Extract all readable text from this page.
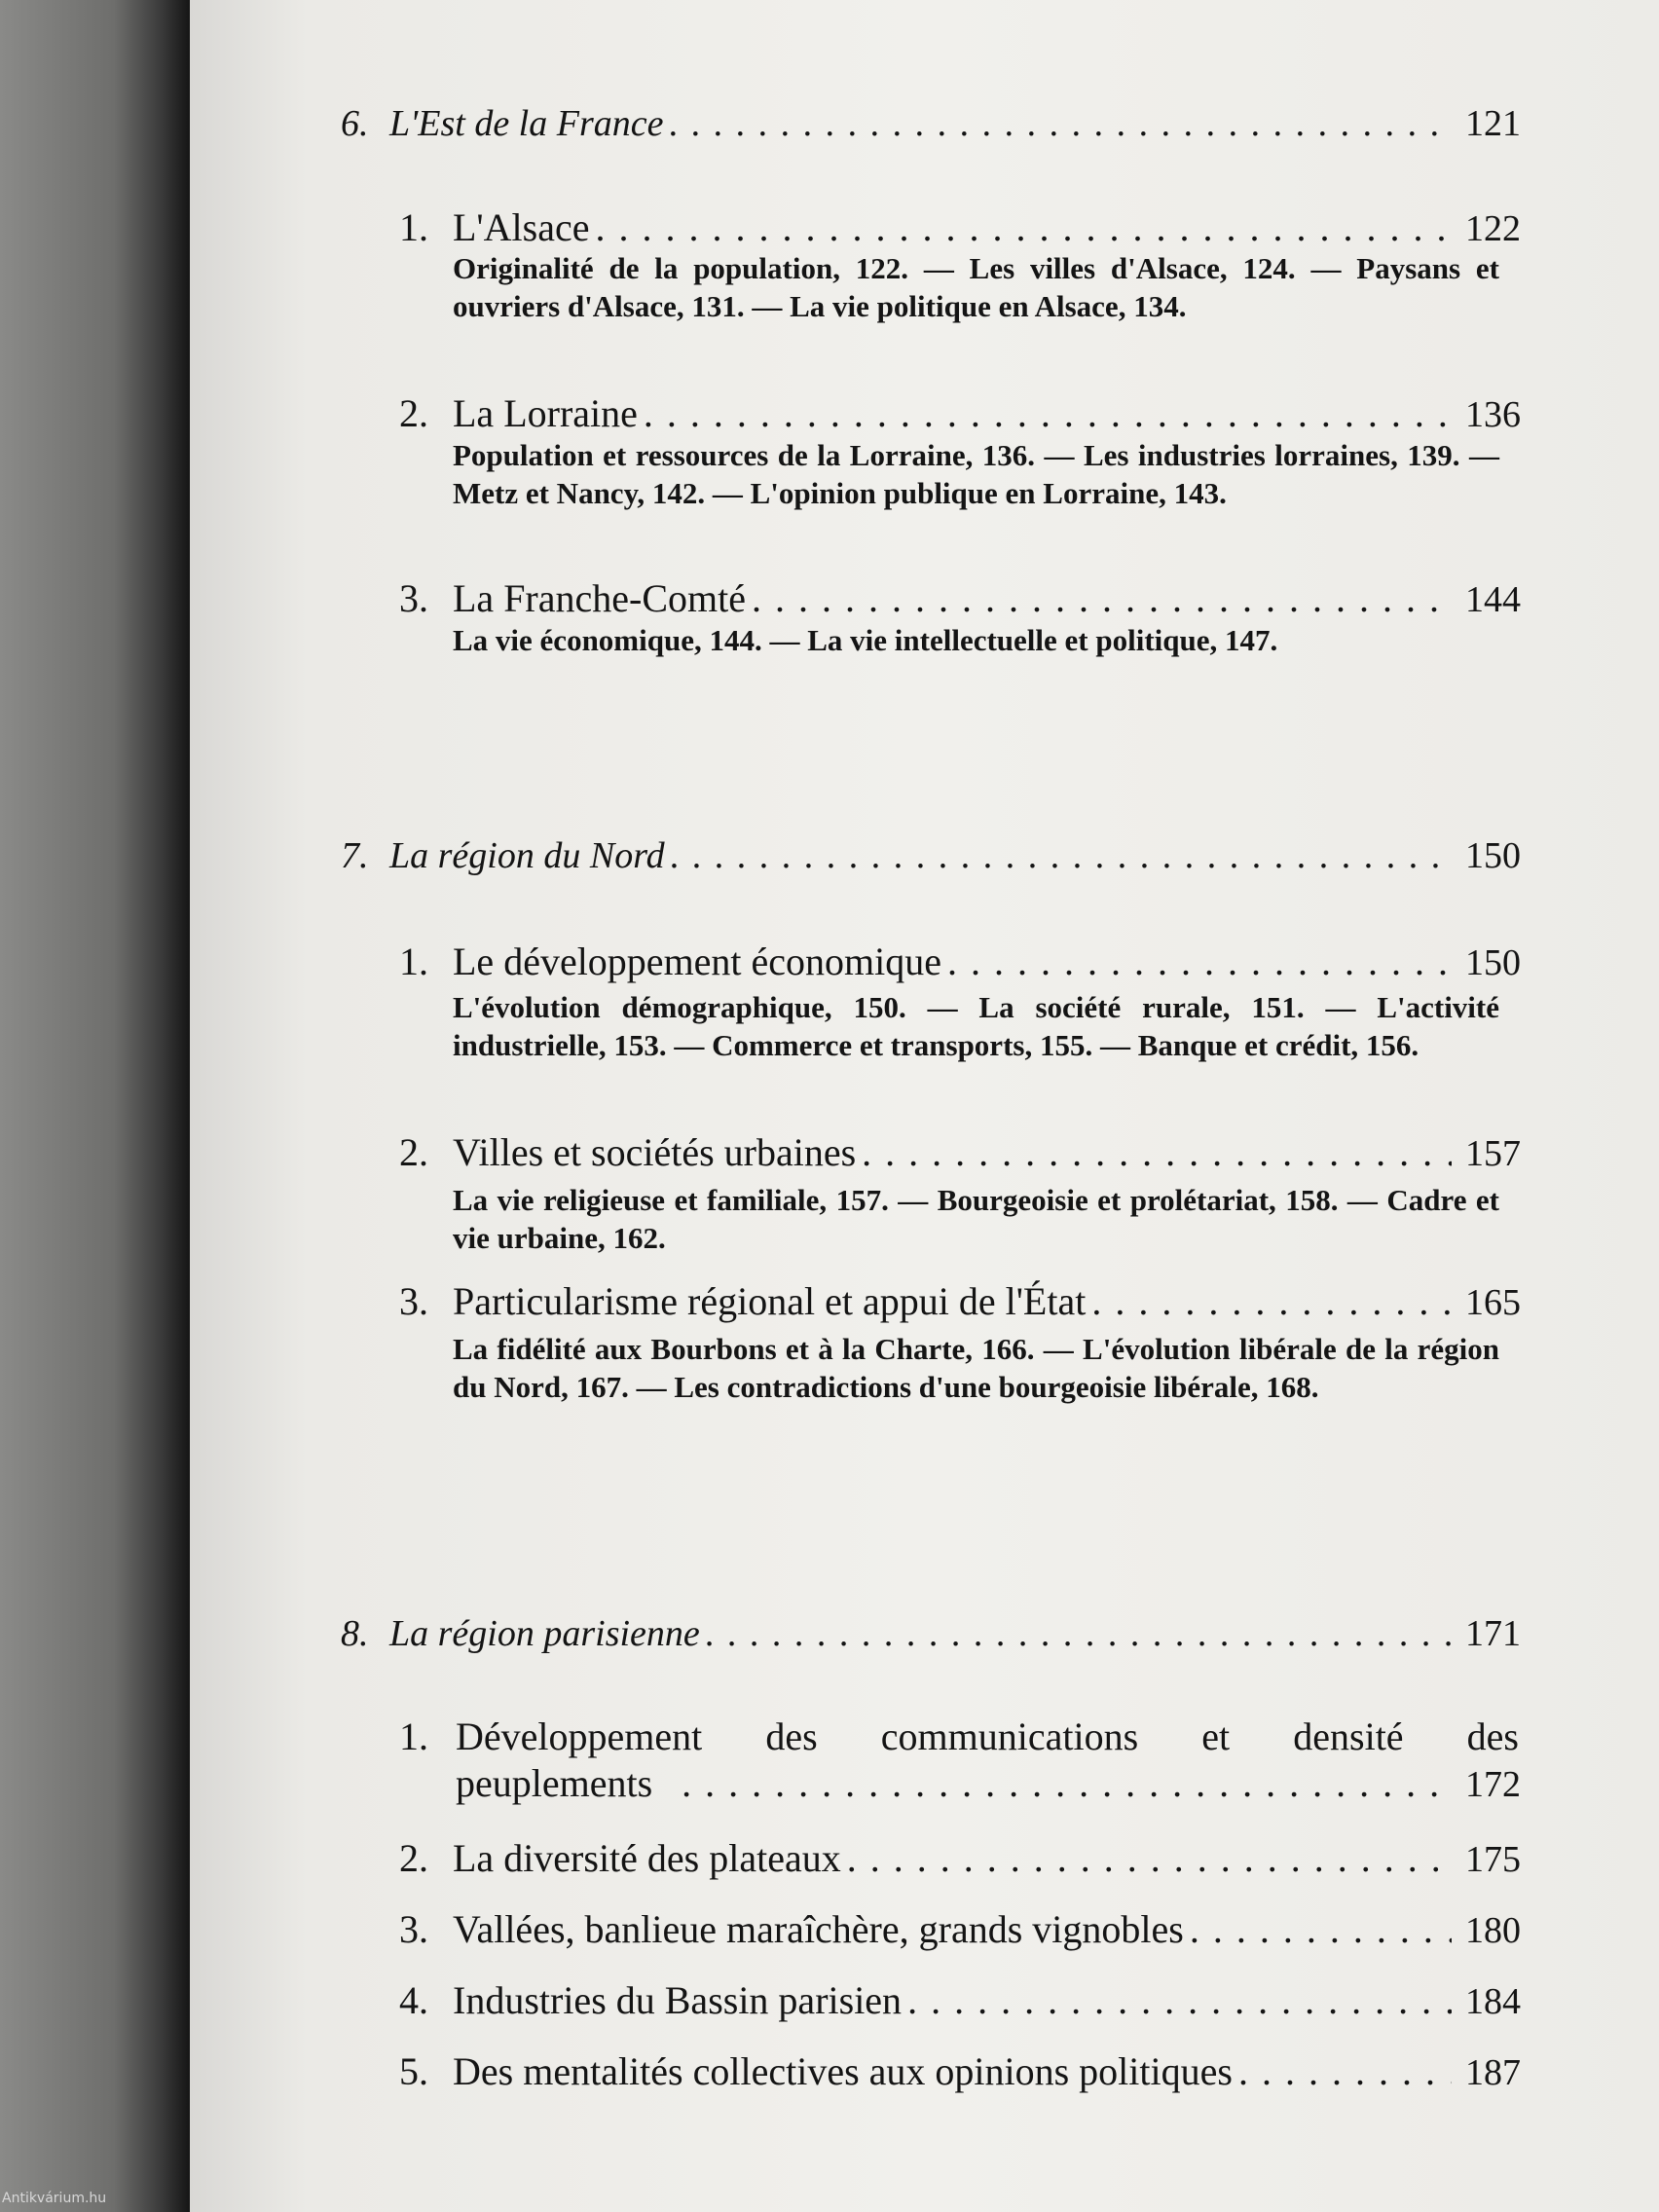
6. L'Est de la France . . .	121
1. L'Alsace . . .	122
Originalité de la population, 122. — Les villes d'Alsace, 124. — Paysans et ouvriers d'Alsace, 131. — La vie politique en Alsace, 134.
2. La Lorraine . . .	136
Population et ressources de la Lorraine, 136. — Les industries lorraines, 139. — Metz et Nancy, 142. — L'opinion publique en Lorraine, 143.
3. La Franche-Comté . . .	144
La vie économique, 144. — La vie intellectuelle et politique, 147.
7. La région du Nord . . .	150
1. Le développement économique . . .	150
L'évolution démographique, 150. — La société rurale, 151. — L'activité industrielle, 153. — Commerce et transports, 155. — Banque et crédit, 156.
2. Villes et sociétés urbaines . . .	157
La vie religieuse et familiale, 157. — Bourgeoisie et prolétariat, 158. — Cadre et vie urbaine, 162.
3. Particularisme régional et appui de l'État . . .	165
La fidélité aux Bourbons et à la Charte, 166. — L'évolution libérale de la région du Nord, 167. — Les contradictions d'une bourgeoisie libérale, 168.
8. La région parisienne . . .	171
1. Développement des communications et densité des
peuplements . . .	172
2. La diversité des plateaux . . .	175
3. Vallées, banlieue maraîchère, grands vignobles . . .	180
4. Industries du Bassin parisien . . .	184
5. Des mentalités collectives aux opinions politiques . . .	187
Antikvárium.hu
